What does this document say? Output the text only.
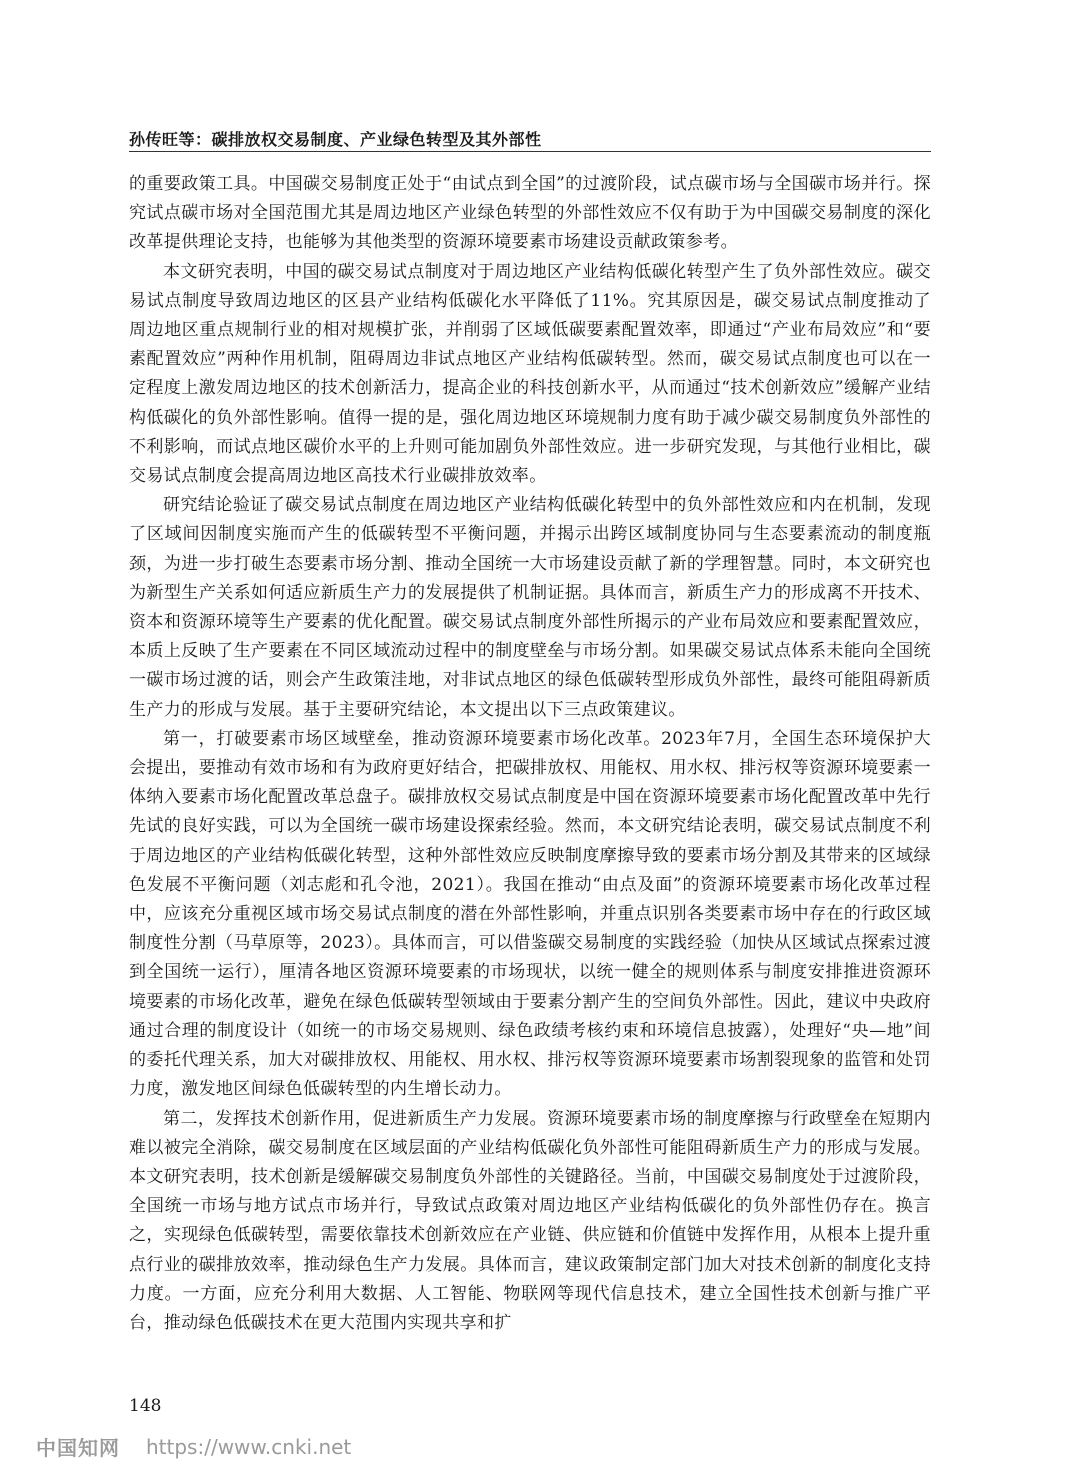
孙传旺等：碳排放权交易制度、产业绿色转型及其外部性

的重要政策工具。中国碳交易制度正处于“由试点到全国”的过渡阶段，试点碳市场与全国碳市场并行。探究试点碳市场对全国范围尤其是周边地区产业绿色转型的外部性效应不仅有助于为中国碳交易制度的深化改革提供理论支持，也能够为其他类型的资源环境要素市场建设贡献政策参考。

本文研究表明，中国的碳交易试点制度对于周边地区产业结构低碳化转型产生了负外部性效应。碳交易试点制度导致周边地区的区县产业结构低碳化水平降低了11%。究其原因是，碳交易试点制度推动了周边地区重点规制行业的相对规模扩张，并削弱了区域低碳要素配置效率，即通过“产业布局效应”和“要素配置效应”两种作用机制，阻碍周边非试点地区产业结构低碳转型。然而，碳交易试点制度也可以在一定程度上激发周边地区的技术创新活力，提高企业的科技创新水平，从而通过“技术创新效应”缓解产业结构低碳化的负外部性影响。值得一提的是，强化周边地区环境规制力度有助于减少碳交易制度负外部性的不利影响，而试点地区碳价水平的上升则可能加剧负外部性效应。进一步研究发现，与其他行业相比，碳交易试点制度会提高周边地区高技术行业碳排放效率。

研究结论验证了碳交易试点制度在周边地区产业结构低碳化转型中的负外部性效应和内在机制，发现了区域间因制度实施而产生的低碳转型不平衡问题，并揭示出跨区域制度协同与生态要素流动的制度瓶颈，为进一步打破生态要素市场分割、推动全国统一大市场建设贡献了新的学理智慧。同时，本文研究也为新型生产关系如何适应新质生产力的发展提供了机制证据。具体而言，新质生产力的形成离不开技术、资本和资源环境等生产要素的优化配置。碳交易试点制度外部性所揭示的产业布局效应和要素配置效应，本质上反映了生产要素在不同区域流动过程中的制度壁垒与市场分割。如果碳交易试点体系未能向全国统一碳市场过渡的话，则会产生政策洼地，对非试点地区的绿色低碳转型形成负外部性，最终可能阻碍新质生产力的形成与发展。基于主要研究结论，本文提出以下三点政策建议。

第一，打破要素市场区域壁垒，推动资源环境要素市场化改革。2023年7月，全国生态环境保护大会提出，要推动有效市场和有为政府更好结合，把碳排放权、用能权、用水权、排污权等资源环境要素一体纳入要素市场化配置改革总盘子。碳排放权交易试点制度是中国在资源环境要素市场化配置改革中先行先试的良好实践，可以为全国统一碳市场建设探索经验。然而，本文研究结论表明，碳交易试点制度不利于周边地区的产业结构低碳化转型，这种外部性效应反映制度摩擦导致的要素市场分割及其带来的区域绿色发展不平衡问题（刘志彪和孔令池，2021）。我国在推动“由点及面”的资源环境要素市场化改革过程中，应该充分重视区域市场交易试点制度的潜在外部性影响，并重点识别各类要素市场中存在的行政区域制度性分割（马草原等，2023）。具体而言，可以借鉴碳交易制度的实践经验（加快从区域试点探索过渡到全国统一运行），厘清各地区资源环境要素的市场现状，以统一健全的规则体系与制度安排推进资源环境要素的市场化改革，避免在绿色低碳转型领域由于要素分割产生的空间负外部性。因此，建议中央政府通过合理的制度设计（如统一的市场交易规则、绿色政绩考核约束和环境信息披露），处理好“央—地”间的委托代理关系，加大对碳排放权、用能权、用水权、排污权等资源环境要素市场割裂现象的监管和处罚力度，激发地区间绿色低碳转型的内生增长动力。

第二，发挥技术创新作用，促进新质生产力发展。资源环境要素市场的制度摩擦与行政壁垒在短期内难以被完全消除，碳交易制度在区域层面的产业结构低碳化负外部性可能阻碍新质生产力的形成与发展。本文研究表明，技术创新是缓解碳交易制度负外部性的关键路径。当前，中国碳交易制度处于过渡阶段，全国统一市场与地方试点市场并行，导致试点政策对周边地区产业结构低碳化的负外部性仍存在。换言之，实现绿色低碳转型，需要依靠技术创新效应在产业链、供应链和价值链中发挥作用，从根本上提升重点行业的碳排放效率，推动绿色生产力发展。具体而言，建议政策制定部门加大对技术创新的制度化支持力度。一方面，应充分利用大数据、人工智能、物联网等现代信息技术，建立全国性技术创新与推广平台，推动绿色低碳技术在更大范围内实现共享和扩

148
中国知网 https://www.cnki.net
